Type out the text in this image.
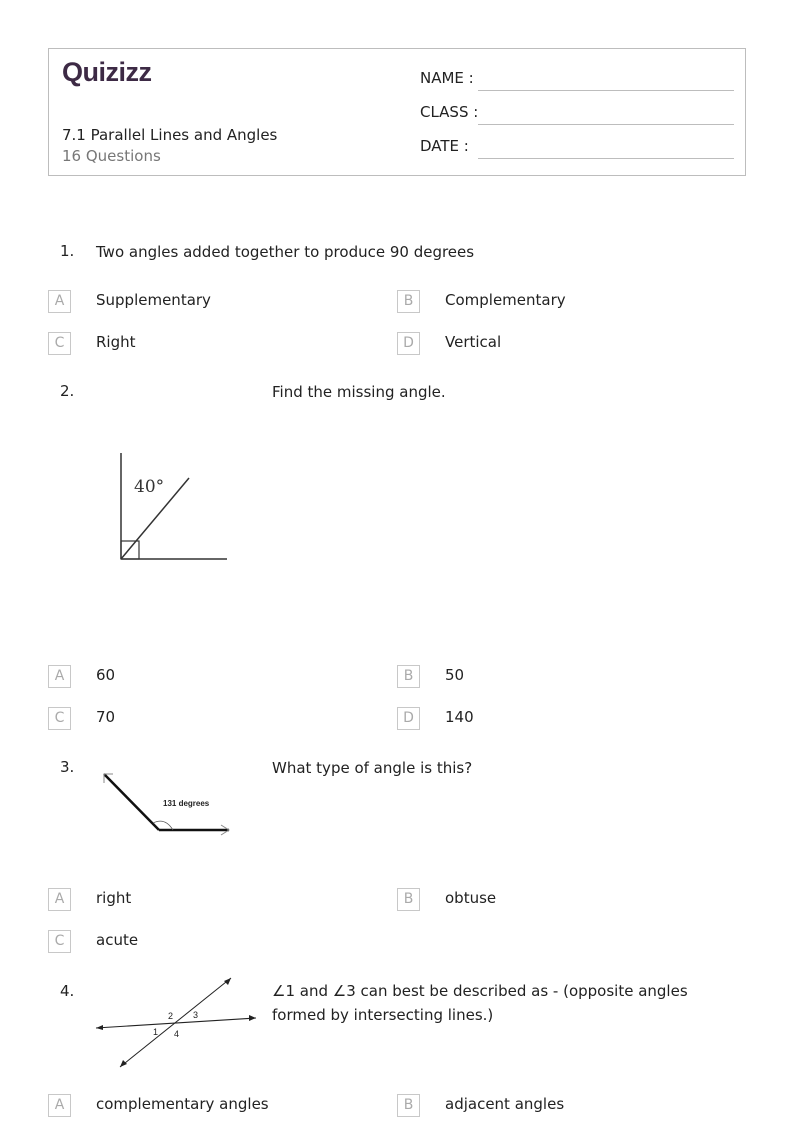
Quizizz
7.1 Parallel Lines and Angles
16 Questions
NAME :
CLASS :
DATE :
1. Two angles added together to produce 90 degrees
A	Supplementary	B	Complementary
C	Right	D	Vertical
2.	Find the missing angle.
40°
A	60	B	50
C	70	D	140
3.	What type of angle is this?
131 degrees
A	right	B	obtuse
C	acute
4.	∠1 and ∠3 can best be described as - (opposite angles formed by intersecting lines.)
1
2 3
4
A	complementary angles	B	adjacent angles
